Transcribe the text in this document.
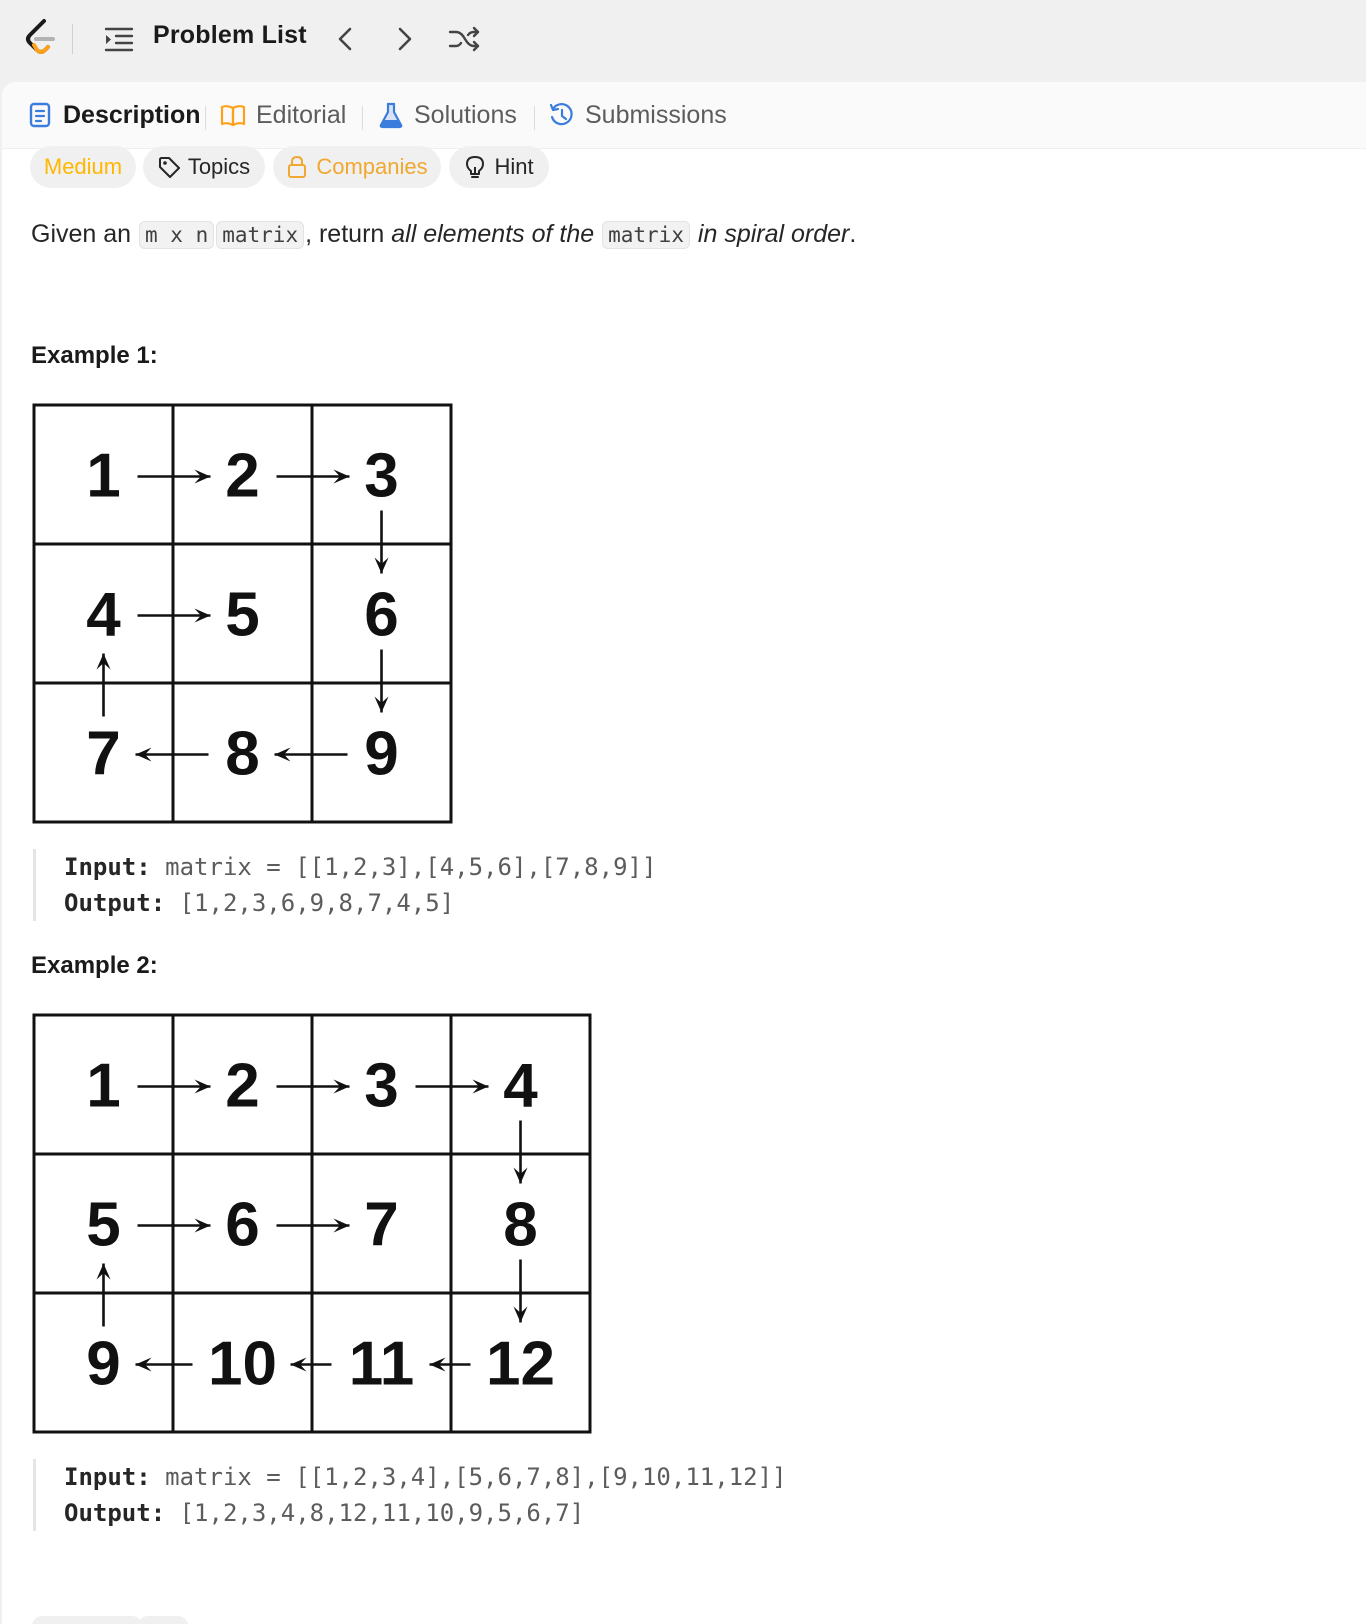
Problem List
Description Editorial	Solutions	Submissions
Medium	Topics	Companies	Hint
Given an m x n matrix , return all elements of the matrix in spiral order.
Example 1:
1 2 3
4 5 6
7 8 9
Input: matrix = [[1,2,3],[4,5,6],[7,8,9]]
Output: [1,2,3,6,9,8,7,4,5]
Example 2:
1 2 3 4
5 6 7 8
9 10 11 12
Input: matrix = [[1,2,3,4],[5,6,7,8],[9,10,11,12]]
Output: [1,2,3,4,8,12,11,10,9,5,6,7]
